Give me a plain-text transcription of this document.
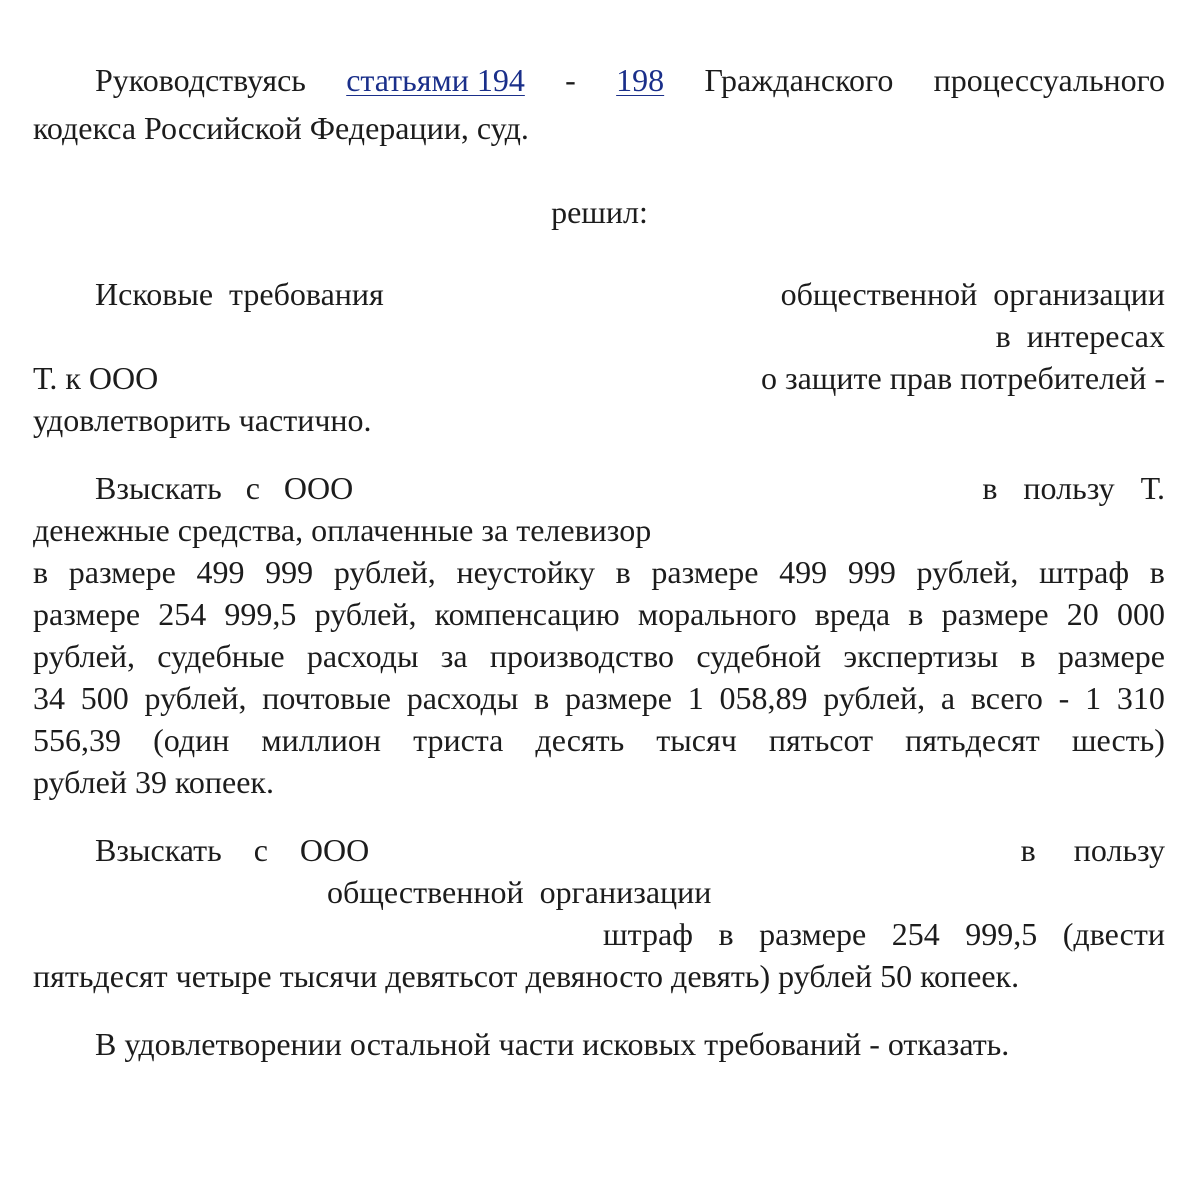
Руководствуясь статьями 194 - 198 Гражданского процессуального
кодекса Российской Федерации, суд.
решил:
Исковые  требования	общественной  организации
в  интересах
Т. к ООО	о защите прав потребителей -
удовлетворить частично.
Взыскать с ООО	в пользу Т.
денежные средства, оплаченные за телевизор
в размере 499 999 рублей, неустойку в размере 499 999 рублей, штраф в
размере 254 999,5 рублей, компенсацию морального вреда в размере 20 000
рублей, судебные расходы за производство судебной экспертизы в размере
34 500 рублей, почтовые расходы в размере 1 058,89 рублей, а всего - 1 310
556,39 (один миллион триста десять тысяч пятьсот пятьдесят шесть)
рублей 39 копеек.
Взыскать с ООО	в пользу
общественной  организации
штраф в размере 254 999,5 (двести
пятьдесят четыре тысячи девятьсот девяносто девять) рублей 50 копеек.
В удовлетворении остальной части исковых требований - отказать.
